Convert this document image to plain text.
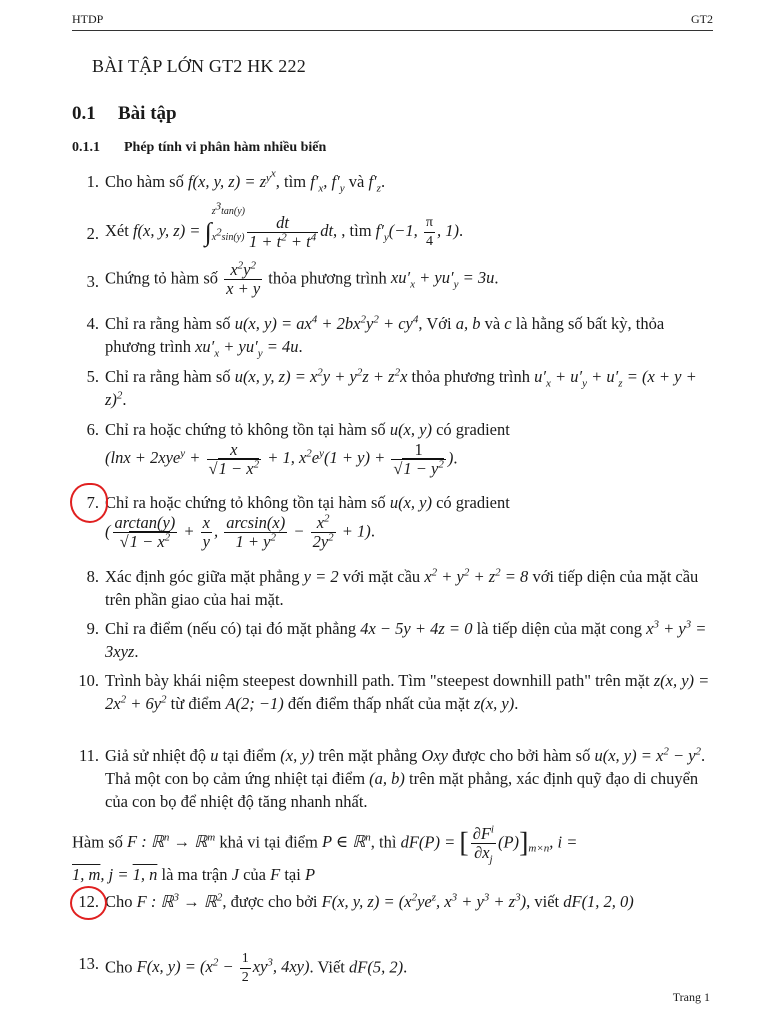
HTDP	GT2
BÀI TẬP LỚN GT2 HK 222
0.1 Bài tập
0.1.1 Phép tính vi phân hàm nhiều biến
1. Cho hàm số f(x, y, $z) = z^{y^x}$, tìm $f'_x$, $f'_y$ và $f'_z$.
2. Xét f(x, y, z) = ∫
$z^3\tan(y)$
$x^2\sin(y) \frac{dt}{1 + t^2 + t^4}$ dt, , tìm $f'_y(-1$, $\frac{\pi}{4}$ , 1).
3. Chứng tỏ hàm số $\frac{x^2y^2}{x + y}$ thỏa phương trình $xu'_x + yu'_y = 3u$.
4. Chỉ ra rằng hàm số u(x, $y) = ax^4 + 2bx^2y^2 + cy^4$, Với a, b và c là hằng số bất kỳ, thỏa phương trình $xu'_x + yu'_y = 4u$.
5. Chỉ ra rằng hàm số u(x, y, $z) = x^2y + y^2z + z^2x$ thỏa phương trình $u'_x + u'_y + u'_z = (x + y + z)^2$.
6. Chỉ ra hoặc chứng tỏ không tồn tại hàm số u(x, y) có gradient
($\ln x + 2xye^y + \frac{x}{√1 - x^2} + 1$, $x^2e^y(1 + y) + \frac{1}{√1 - y^2}$ ).
7. Chỉ ra hoặc chứng tỏ không tồn tại hàm số u(x, y) có gradient
( $\frac{\arctan(y)}{√1 - x^2} + \frac{x}{y}$ , $\frac{\arcsin(x)}{1 + y^2} - \frac{x^2}{2y^2} + 1$).
8. Xác định góc giữa mặt phẳng y = 2 với mặt cầu $x^2 + y^2 + z^2 = 8$ với tiếp diện của mặt cầu trên phần giao của hai mặt.
9. Chỉ ra điểm (nếu có) tại đó mặt phẳng 4x − 5y + 4z = 0 là tiếp diện của mặt cong $x^3 + y^3 = 3xyz$.
10. Trình bày khái niệm steepest downhill path. Tìm "steepest downhill path" trên mặt z(x, $y) = 2x^2 + 6y^2$ từ điểm A(2; −1) đến điểm thấp nhất của mặt z(x, y).
11. Giả sử nhiệt độ u tại điểm (x, y) trên mặt phẳng Oxy được cho bởi hàm số u(x, $y) = x^2 - y^2$. Thả một con bọ cảm ứng nhiệt tại điểm (a, b) trên mặt phẳng, xác định quỹ đạo di chuyển của con bọ để nhiệt độ tăng nhanh nhất.
Hàm số F : ℝ$^n$ → ℝ$^m$ khả vi tại điểm P ∈ ℝ$^n$, thì dF(P) = [ $\frac{\partial F^i}{\partial x_j} (P)]_{m\times n}$, i =
1, m, j = 1, n là ma trận J của F tại P
12. Cho F : ℝ$^3$ → ℝ$^2$, được cho bởi F(x, y, $z) = (x^2ye^z$, $x^3 + y^3 + z^3$), viết dF(1, 2, 0)
13. Cho F(x, $y) = (x^2 - \frac{1}{2} xy^3$, 4xy). Viết dF(5, 2).
Trang 1
